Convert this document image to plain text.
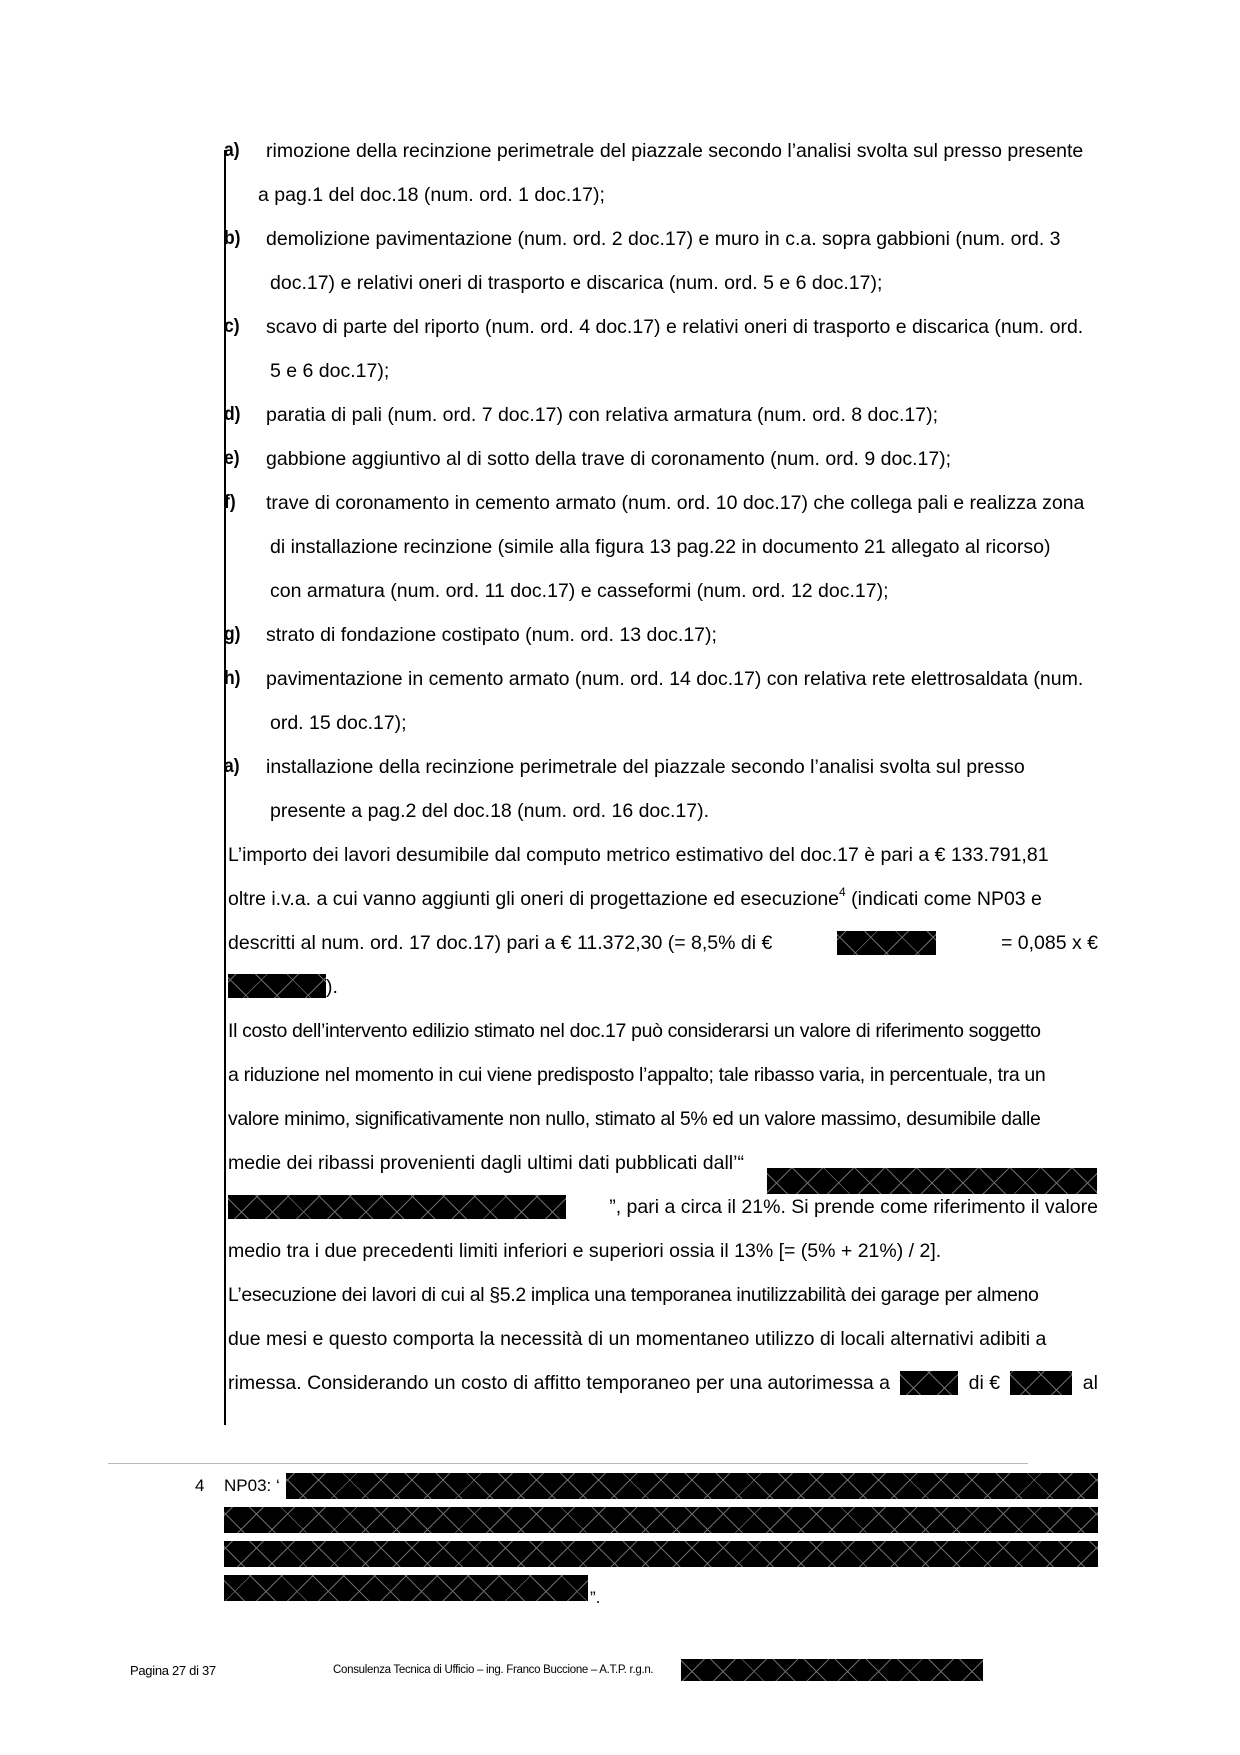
a)	rimozione della recinzione perimetrale del piazzale secondo l’analisi svolta sul presso presente
a pag.1 del doc.18 (num. ord. 1 doc.17);
b)	demolizione pavimentazione (num. ord. 2 doc.17) e muro in c.a. sopra gabbioni (num. ord. 3
doc.17) e relativi oneri di trasporto e discarica (num. ord. 5 e 6 doc.17);
c)	scavo di parte del riporto (num. ord. 4 doc.17) e relativi oneri di trasporto e discarica (num. ord.
5 e 6 doc.17);
d)	paratia di pali (num. ord. 7 doc.17) con relativa armatura (num. ord. 8 doc.17);
e)	gabbione aggiuntivo al di sotto della trave di coronamento (num. ord. 9 doc.17);
f)	trave di coronamento in cemento armato (num. ord. 10 doc.17) che collega pali e realizza zona
di installazione recinzione (simile alla figura 13 pag.22 in documento 21 allegato al ricorso)
con armatura (num. ord. 11 doc.17) e casseformi (num. ord. 12 doc.17);
g)	strato di fondazione costipato (num. ord. 13 doc.17);
h)	pavimentazione in cemento armato (num. ord. 14 doc.17) con relativa rete elettrosaldata (num.
ord. 15 doc.17);
a)	installazione della recinzione perimetrale del piazzale secondo l’analisi svolta sul presso
presente a pag.2 del doc.18 (num. ord. 16 doc.17).
L’importo dei lavori desumibile dal computo metrico estimativo del doc.17 è pari a € 133.791,81
oltre i.v.a. a cui vanno aggiunti gli oneri di progettazione ed esecuzione$^4$ (indicati come NP03 e
descritti al num. ord. 17 doc.17) pari a € 11.372,30 (= 8,5% di €	= 0,085 x €
).
Il costo dell’intervento edilizio stimato nel doc.17 può considerarsi un valore di riferimento soggetto
a riduzione nel momento in cui viene predisposto l’appalto; tale ribasso varia, in percentuale, tra un
valore minimo, significativamente non nullo, stimato al 5% ed un valore massimo, desumibile dalle
medie dei ribassi provenienti dagli ultimi dati pubblicati dall’“
”, pari a circa il 21%. Si prende come riferimento il valore
medio tra i due precedenti limiti inferiori e superiori ossia il 13% [= (5% + 21%) / 2].
L’esecuzione dei lavori di cui al §5.2 implica una temporanea inutilizzabilità dei garage per almeno
due mesi e questo comporta la necessità di un momentaneo utilizzo di locali alternativi adibiti a
rimessa. Considerando un costo di affitto temporaneo per una autorimessa a	di €	al
4 NP03: ‘
”.
Pagina 27 di 37	Consulenza Tecnica di Ufficio – ing. Franco Buccione – A.T.P. r.g.n.
